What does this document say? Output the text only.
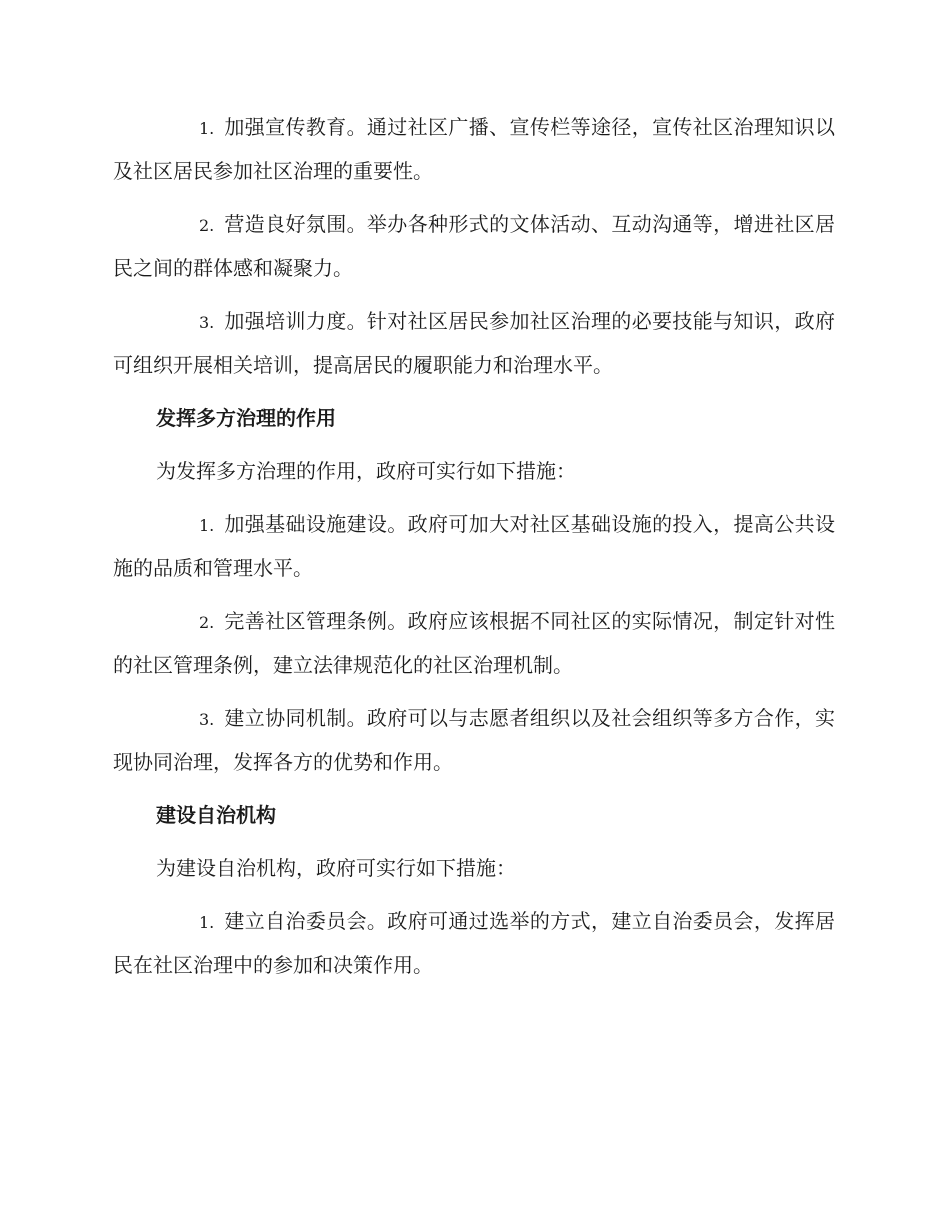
1. 加强宣传教育。通过社区广播、宣传栏等途径，宣传社区治理知识以及社区居民参加社区治理的重要性。
2. 营造良好氛围。举办各种形式的文体活动、互动沟通等，增进社区居民之间的群体感和凝聚力。
3. 加强培训力度。针对社区居民参加社区治理的必要技能与知识，政府可组织开展相关培训，提高居民的履职能力和治理水平。
发挥多方治理的作用
为发挥多方治理的作用，政府可实行如下措施：
1. 加强基础设施建设。政府可加大对社区基础设施的投入，提高公共设施的品质和管理水平。
2. 完善社区管理条例。政府应该根据不同社区的实际情况，制定针对性的社区管理条例，建立法律规范化的社区治理机制。
3. 建立协同机制。政府可以与志愿者组织以及社会组织等多方合作，实现协同治理，发挥各方的优势和作用。
建设自治机构
为建设自治机构，政府可实行如下措施：
1. 建立自治委员会。政府可通过选举的方式，建立自治委员会，发挥居民在社区治理中的参加和决策作用。
